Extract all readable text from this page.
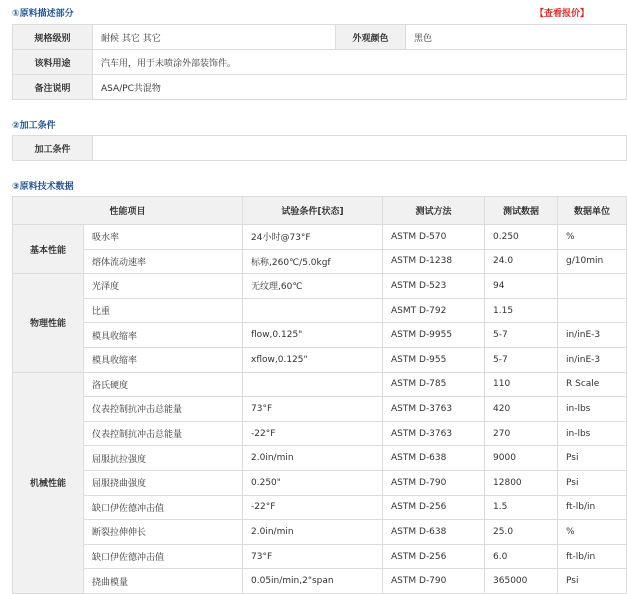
①原料描述部分	【查看报价】
规格级别	耐候 其它 其它	外观颜色	黑色
该料用途	汽车用，用于未喷涂外部装饰件。		
备注说明	ASA/PC共混物		
②加工条件
加工条件	
③原料技术数据
性能项目		试验条件[状态]	测试方法	测试数据	数据单位
基本性能	吸水率	24小时@73°F	ASTM D-570	0.250	%
	熔体流动速率	标称,260℃/5.0kgf	ASTM D-1238	24.0	g/10min
物理性能	光泽度	无纹理,60℃	ASTM D-523	94	
	比重		ASMT D-792	1.15	
	模具收缩率	flow,0.125"	ASTM D-9955	5-7	in/inE-3
	模具收缩率	xflow,0.125"	ASTM D-955	5-7	in/inE-3
机械性能	洛氏硬度		ASTM D-785	110	R Scale
	仪表控制抗冲击总能量	73°F	ASTM D-3763	420	in-lbs
	仪表控制抗冲击总能量	-22°F	ASTM D-3763	270	in-lbs
	屈服抗拉强度	2.0in/min	ASTM D-638	9000	Psi
	屈服挠曲强度	0.250"	ASTM D-790	12800	Psi
	缺口伊佐德冲击值	-22°F	ASTM D-256	1.5	ft-lb/in
	断裂拉伸伸长	2.0in/min	ASTM D-638	25.0	%
	缺口伊佐德冲击值	73°F	ASTM D-256	6.0	ft-lb/in
	挠曲模量	0.05in/min,2"span	ASTM D-790	365000	Psi
